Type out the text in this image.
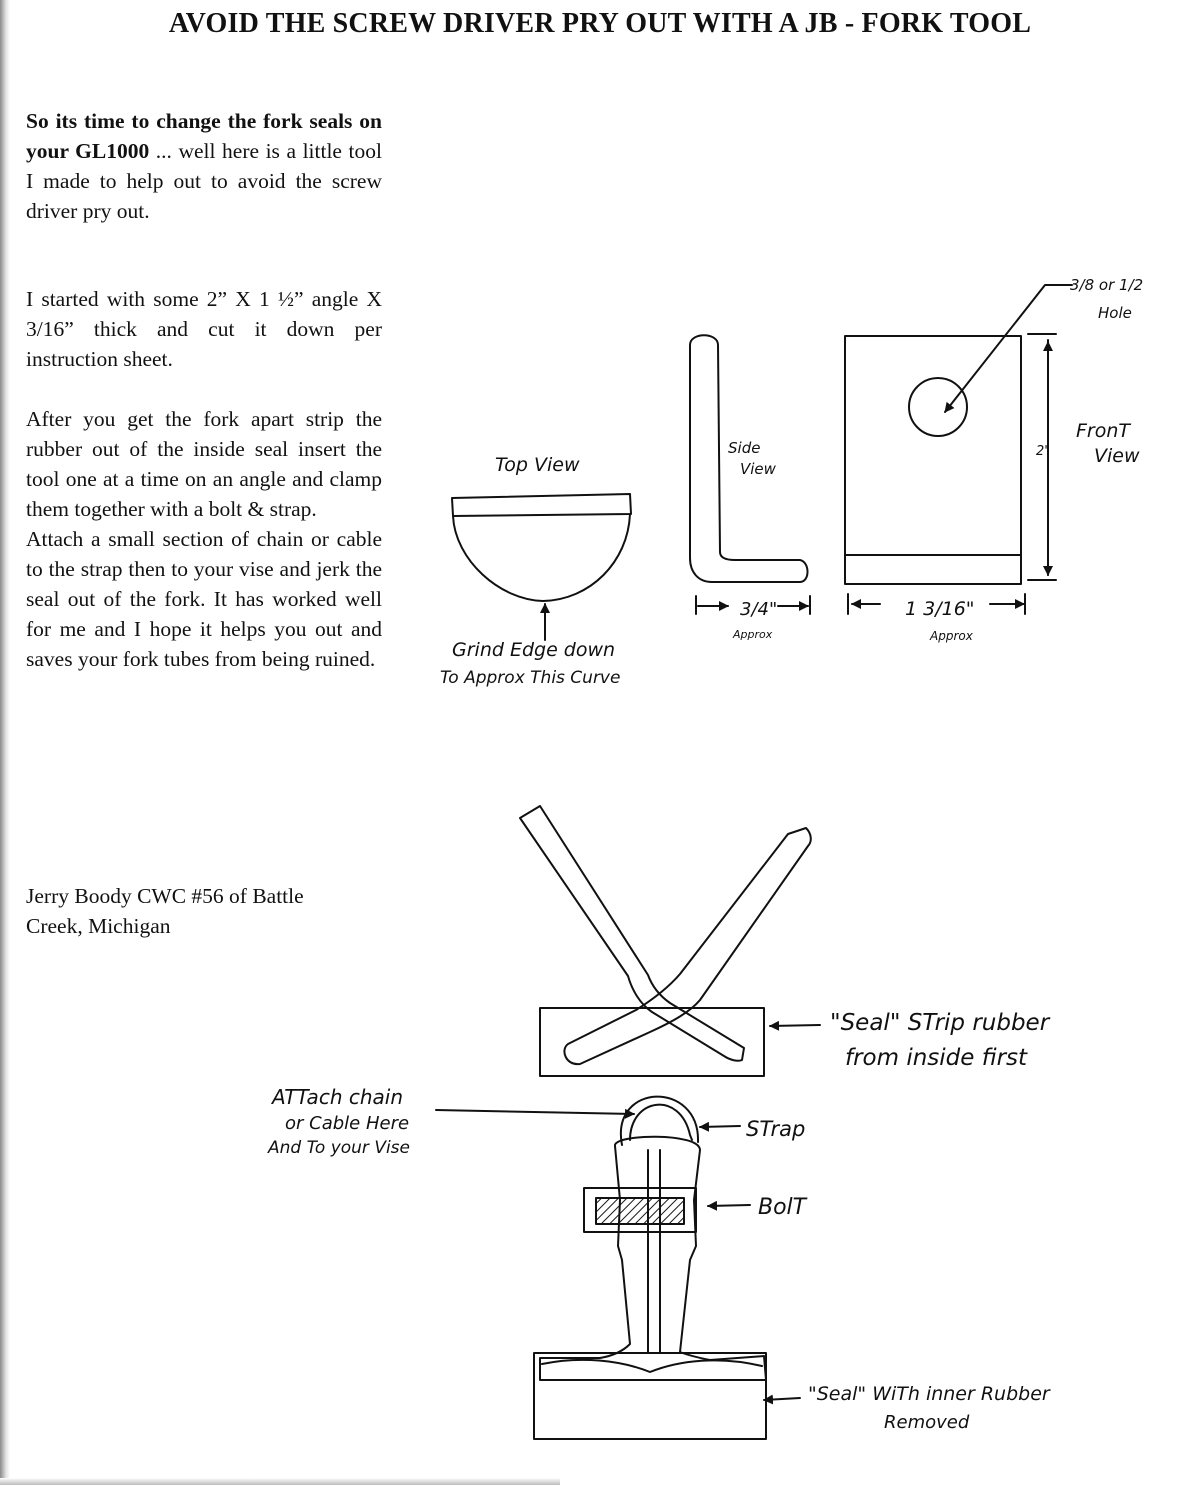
AVOID THE SCREW DRIVER PRY OUT WITH A JB - FORK TOOL

So its time to change the fork seals on your GL1000 ... well here is a little tool I made to help out to avoid the screw driver pry out.

I started with some 2” X 1 ½” angle X 3/16” thick and cut it down per instruction sheet.

After you get the fork apart strip the rubber out of the inside seal insert the tool one at a time on an angle and clamp them together with a bolt & strap.

Attach a small section of chain or cable to the strap then to your vise and jerk the seal out of the fork. It has worked well for me and I hope it helps you out and saves your fork tubes from being ruined.

Jerry Boody CWC #56 of Battle
Creek, Michigan
Top View
Grind Edge down
To Approx This Curve
Side
View
3/4"
Approx
3/8 or 1/2
Hole
FronT
View
2"
1 3/16"
Approx
"Seal" STrip rubber
from inside first
ATTach chain
or Cable Here
And To your Vise
STrap
BolT
"Seal" WiTh inner Rubber
Removed
